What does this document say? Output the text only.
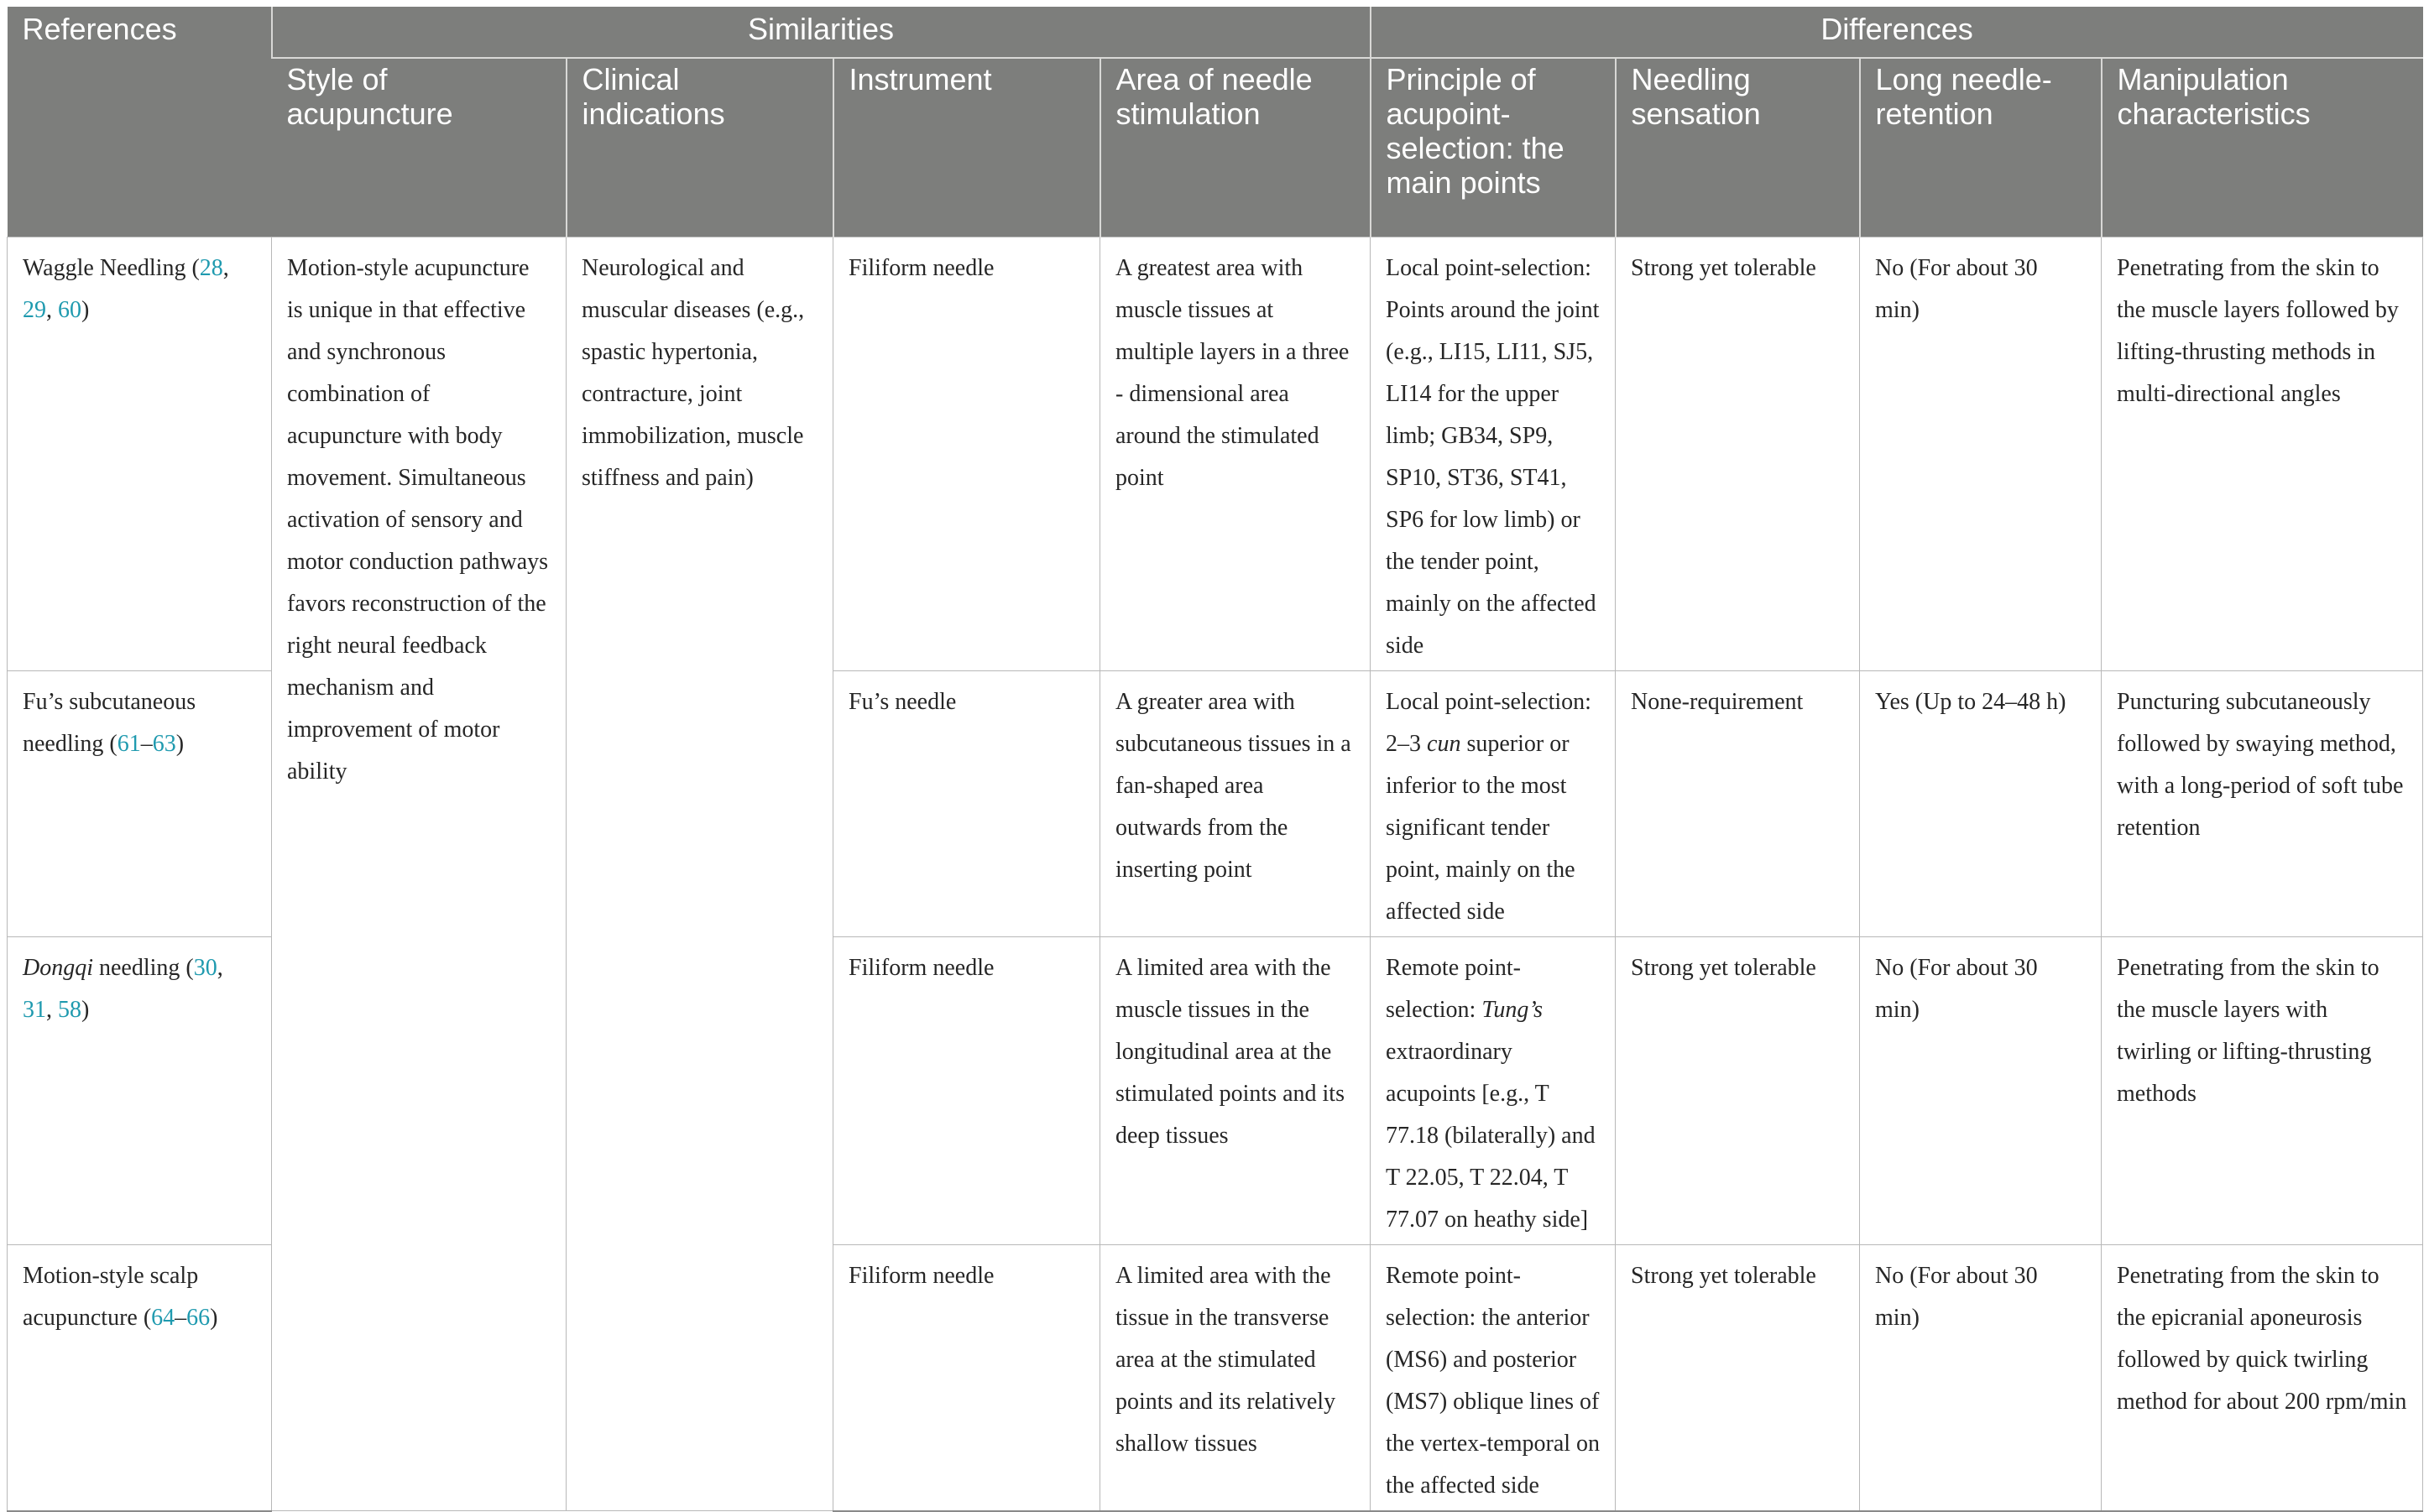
References	Similarities				Differences			
	Style of acupuncture	Clinical indications	Instrument	Area of needle stimulation	Principle of acupoint-selection: the main points	Needling sensation	Long needle-retention	Manipulation characteristics
Waggle Needling (28, 29, 60)	Motion-style acupuncture is unique in that effective and synchronous combination of acupuncture with body movement. Simultaneous activation of sensory and motor conduction pathways favors reconstruction of the right neural feedback mechanism and improvement of motor ability	Neurological and muscular diseases (e.g., spastic hypertonia, contracture, joint immobilization, muscle stiffness and pain)	Filiform needle	A greatest area with muscle tissues at multiple layers in a three - dimensional area around the stimulated point	Local point-selection: Points around the joint (e.g., LI15, LI11, SJ5, LI14 for the upper limb; GB34, SP9, SP10, ST36, ST41, SP6 for low limb) or the tender point, mainly on the affected side	Strong yet tolerable	No (For about 30 min)	Penetrating from the skin to the muscle layers followed by lifting-thrusting methods in multi-directional angles
Fu’s subcutaneous needling (61–63)			Fu’s needle	A greater area with subcutaneous tissues in a fan-shaped area outwards from the inserting point	Local point-selection: 2–3 cun superior or inferior to the most significant tender point, mainly on the affected side	None-requirement	Yes (Up to 24–48 h)	Puncturing subcutaneously followed by swaying method, with a long-period of soft tube retention
Dongqi needling (30, 31, 58)			Filiform needle	A limited area with the muscle tissues in the longitudinal area at the stimulated points and its deep tissues	Remote point-selection: Tung’s extraordinary acupoints [e.g., T 77.18 (bilaterally) and T 22.05, T 22.04, T 77.07 on heathy side]	Strong yet tolerable	No (For about 30 min)	Penetrating from the skin to the muscle layers with twirling or lifting-thrusting methods
Motion-style scalp acupuncture (64–66)			Filiform needle	A limited area with the tissue in the transverse area at the stimulated points and its relatively shallow tissues	Remote point-selection: the anterior (MS6) and posterior (MS7) oblique lines of the vertex-temporal on the affected side	Strong yet tolerable	No (For about 30 min)	Penetrating from the skin to the epicranial aponeurosis followed by quick twirling method for about 200 rpm/min
